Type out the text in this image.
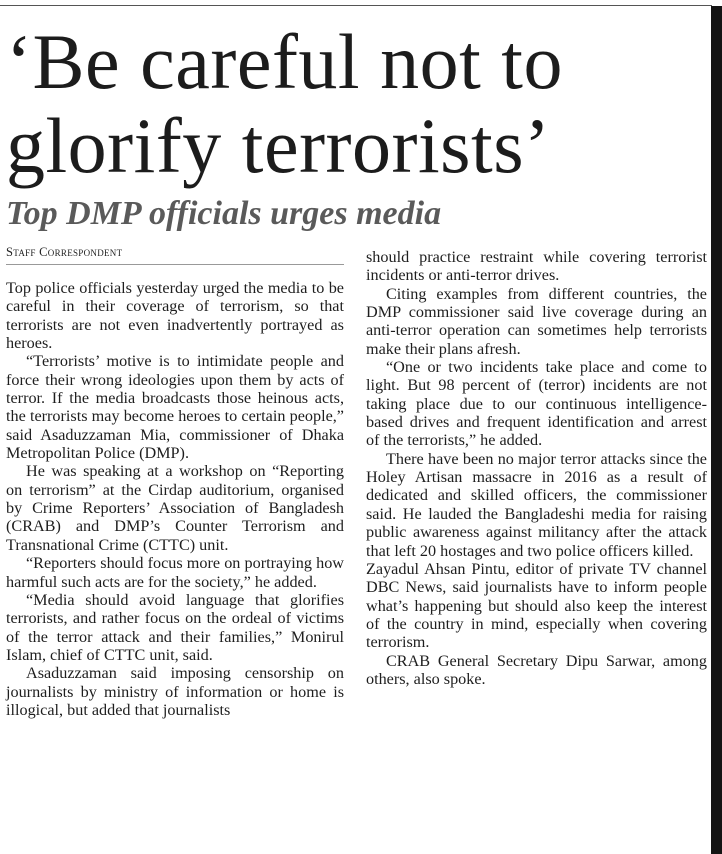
‘Be careful not to glorify terrorists’
Top DMP officials urges media
Staff Correspondent

Top police officials yesterday urged the media to be careful in their coverage of terrorism, so that terrorists are not even inadvertently portrayed as heroes.

“Terrorists’ motive is to intimidate people and force their wrong ideologies upon them by acts of terror. If the media broadcasts those heinous acts, the terrorists may become heroes to certain people,” said Asaduzzaman Mia, commissioner of Dhaka Metropolitan Police (DMP).

He was speaking at a workshop on “Reporting on terrorism” at the Cirdap auditorium, organised by Crime Reporters’ Association of Bangladesh (CRAB) and DMP’s Counter Terrorism and Transnational Crime (CTTC) unit.

“Reporters should focus more on portraying how harmful such acts are for the society,” he added.

“Media should avoid language that glorifies terrorists, and rather focus on the ordeal of victims of the terror attack and their families,” Monirul Islam, chief of CTTC unit, said.

Asaduzzaman said imposing censorship on journalists by ministry of information or home is illogical, but added that journalists

should practice restraint while covering terrorist incidents or anti-terror drives.

Citing examples from different countries, the DMP commissioner said live coverage during an anti-terror operation can sometimes help terrorists make their plans afresh.

“One or two incidents take place and come to light. But 98 percent of (terror) incidents are not taking place due to our continuous intelligence-based drives and frequent identification and arrest of the terrorists,” he added.

There have been no major terror attacks since the Holey Artisan massacre in 2016 as a result of dedicated and skilled officers, the commissioner said. He lauded the Bangladeshi media for raising public awareness against militancy after the attack that left 20 hostages and two police officers killed.

Zayadul Ahsan Pintu, editor of private TV channel DBC News, said journalists have to inform people what’s happening but should also keep the interest of the country in mind, especially when covering terrorism.

CRAB General Secretary Dipu Sarwar, among others, also spoke.
